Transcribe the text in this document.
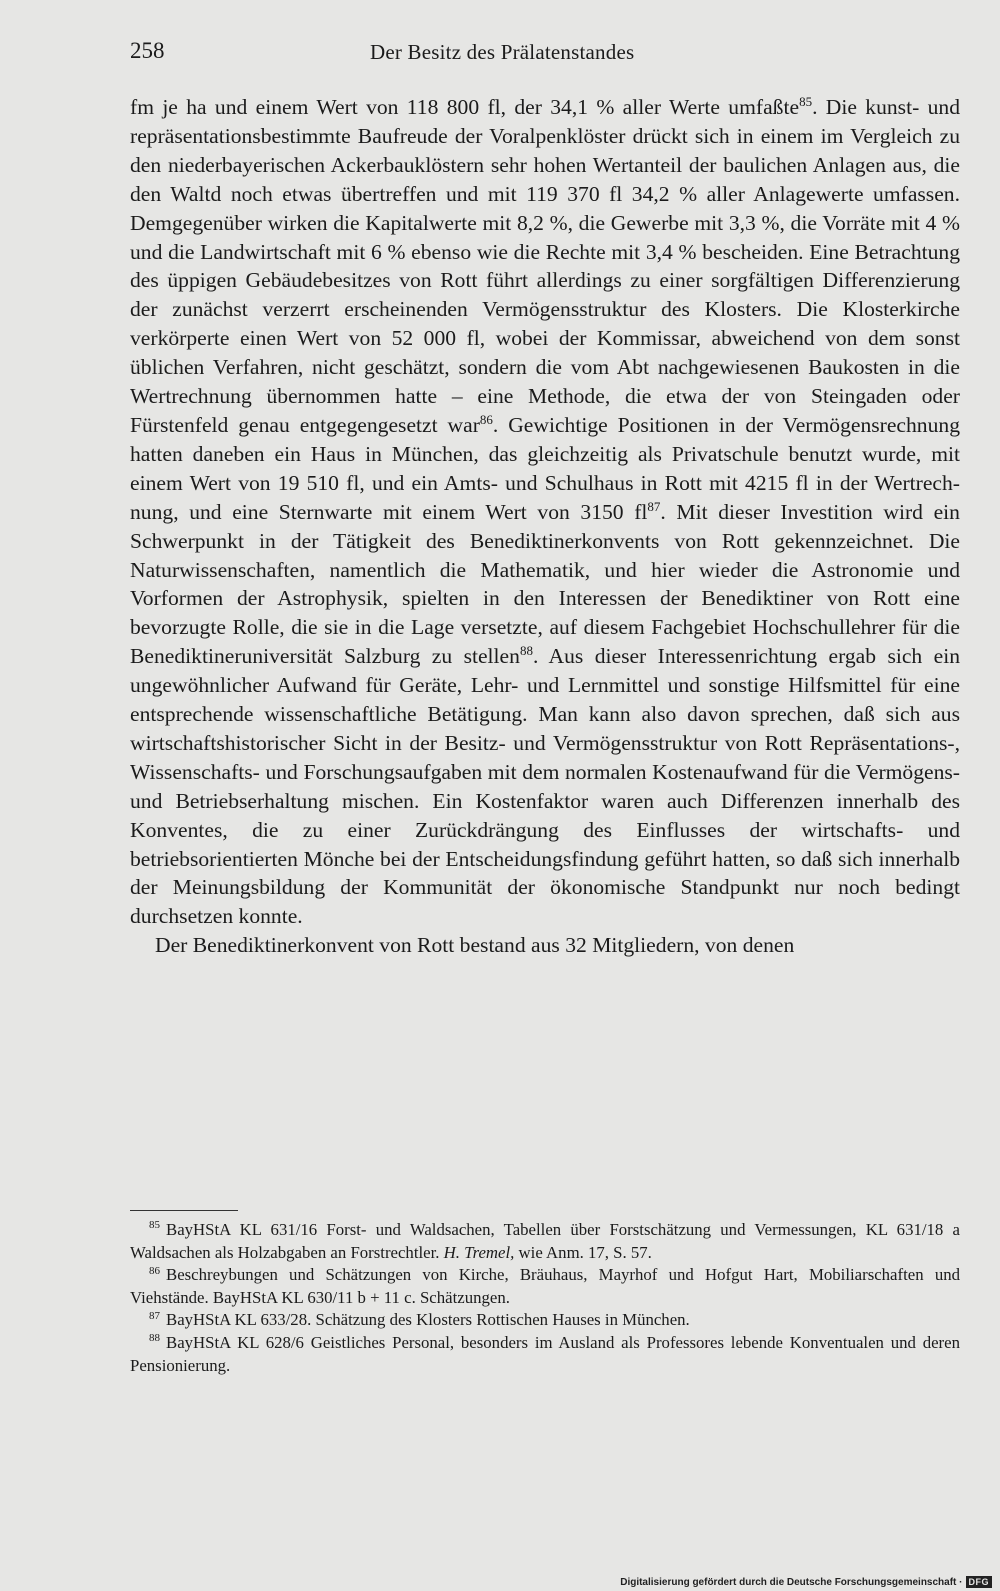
258	Der Besitz des Prälatenstandes

fm je ha und einem Wert von 118 800 fl, der 34,1 % aller Werte umfaßte$^{85}$. Die kunst- und repräsentationsbestimmte Baufreude der Voralpenklöster drückt sich in einem im Vergleich zu den niederbayerischen Ackerbauklöstern sehr hohen Wertanteil der baulichen Anlagen aus, die den Waltd noch etwas übertreffen und mit 119 370 fl 34,2 % aller Anlagewerte umfassen. Demgegenüber wirken die Kapitalwerte mit 8,2 %, die Gewerbe mit 3,3 %, die Vorräte mit 4 % und die Landwirtschaft mit 6 % ebenso wie die Rechte mit 3,4 % bescheiden. Eine Betrachtung des üppigen Gebäudebesitzes von Rott führt allerdings zu einer sorgfältigen Differenzierung der zunächst verzerrt erscheinenden Vermögensstruktur des Klosters. Die Klosterkirche verkörperte einen Wert von 52 000 fl, wobei der Kommissar, abweichend von dem sonst üblichen Verfahren, nicht geschätzt, sondern die vom Abt nachgewiesenen Baukosten in die Wertrechnung übernommen hatte – eine Methode, die etwa der von Steingaden oder Fürstenfeld genau entgegengesetzt war$^{86}$. Gewichtige Positionen in der Vermögensrechnung hatten daneben ein Haus in München, das gleichzeitig als Privatschule benutzt wurde, mit einem Wert von 19 510 fl, und ein Amts- und Schulhaus in Rott mit 4215 fl in der Wertrechnung, und eine Sternwarte mit einem Wert von 3150 fl$^{87}$. Mit dieser Investition wird ein Schwerpunkt in der Tätigkeit des Benediktinerkonvents von Rott gekennzeichnet. Die Naturwissenschaften, namentlich die Mathematik, und hier wieder die Astronomie und Vorformen der Astrophysik, spielten in den Interessen der Benediktiner von Rott eine bevorzugte Rolle, die sie in die Lage versetzte, auf diesem Fachgebiet Hochschullehrer für die Benediktineruniversität Salzburg zu stellen$^{88}$. Aus dieser Interessenrichtung ergab sich ein ungewöhnlicher Aufwand für Geräte, Lehr- und Lernmittel und sonstige Hilfsmittel für eine entsprechende wissenschaftliche Betätigung. Man kann also davon sprechen, daß sich aus wirtschaftshistorischer Sicht in der Besitz- und Vermögensstruktur von Rott Repräsentations-, Wissenschafts- und Forschungsaufgaben mit dem normalen Kostenaufwand für die Vermögens- und Betriebserhaltung mischen. Ein Kostenfaktor waren auch Differenzen innerhalb des Konventes, die zu einer Zurückdrängung des Einflusses der wirtschafts- und betriebsorientierten Mönche bei der Entscheidungsfindung geführt hatten, so daß sich innerhalb der Meinungsbildung der Kommunität der ökonomische Standpunkt nur noch bedingt durchsetzen konnte.

Der Benediktinerkonvent von Rott bestand aus 32 Mitgliedern, von denen

$^{85}$ BayHStA KL 631/16 Forst- und Waldsachen, Tabellen über Forstschätzung und Vermessungen, KL 631/18 a Waldsachen als Holzabgaben an Forstrechtler. H. Tremel, wie Anm. 17, S. 57.

$^{86}$ Beschreybungen und Schätzungen von Kirche, Bräuhaus, Mayrhof und Hofgut Hart, Mobiliarschaften und Viehstände. BayHStA KL 630/11 b + 11 c. Schätzungen.

$^{87}$ BayHStA KL 633/28. Schätzung des Klosters Rottischen Hauses in München.

$^{88}$ BayHStA KL 628/6 Geistliches Personal, besonders im Ausland als Professores lebende Konventualen und deren Pensionierung.

Digitalisierung gefördert durch die Deutsche Forschungsgemeinschaft · DFG
